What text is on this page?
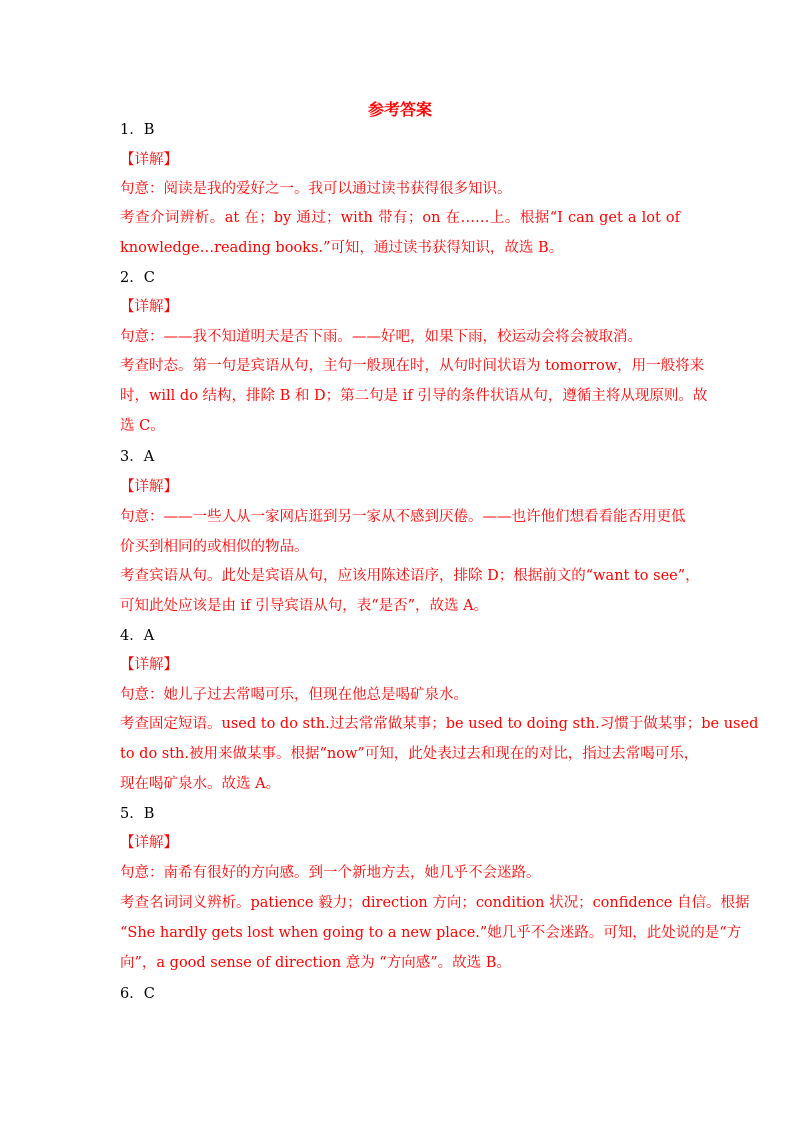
参考答案

1．B

【详解】

句意：阅读是我的爱好之一。我可以通过读书获得很多知识。

考查介词辨析。at 在；by 通过；with 带有；on 在……上。根据“I can get a lot of

knowledge…reading books.”可知，通过读书获得知识，故选 B。

2．C

【详解】

句意：——我不知道明天是否下雨。——好吧，如果下雨，校运动会将会被取消。

考查时态。第一句是宾语从句，主句一般现在时，从句时间状语为 tomorrow，用一般将来

时，will do 结构，排除 B 和 D；第二句是 if 引导的条件状语从句，遵循主将从现原则。故

选 C。

3．A

【详解】

句意：——一些人从一家网店逛到另一家从不感到厌倦。——也许他们想看看能否用更低

价买到相同的或相似的物品。

考查宾语从句。此处是宾语从句，应该用陈述语序，排除 D；根据前文的“want to see”，

可知此处应该是由 if 引导宾语从句，表“是否”，故选 A。

4．A

【详解】

句意：她儿子过去常喝可乐，但现在他总是喝矿泉水。

考查固定短语。used to do sth.过去常常做某事；be used to doing sth.习惯于做某事；be used

to do sth.被用来做某事。根据“now”可知，此处表过去和现在的对比，指过去常喝可乐，

现在喝矿泉水。故选 A。

5．B

【详解】

句意：南希有很好的方向感。到一个新地方去，她几乎不会迷路。

考查名词词义辨析。patience 毅力；direction 方向；condition 状况；confidence 自信。根据

“She hardly gets lost when going to a new place.”她几乎不会迷路。可知，此处说的是“方

向”，a good sense of direction 意为 “方向感”。故选 B。

6．C
